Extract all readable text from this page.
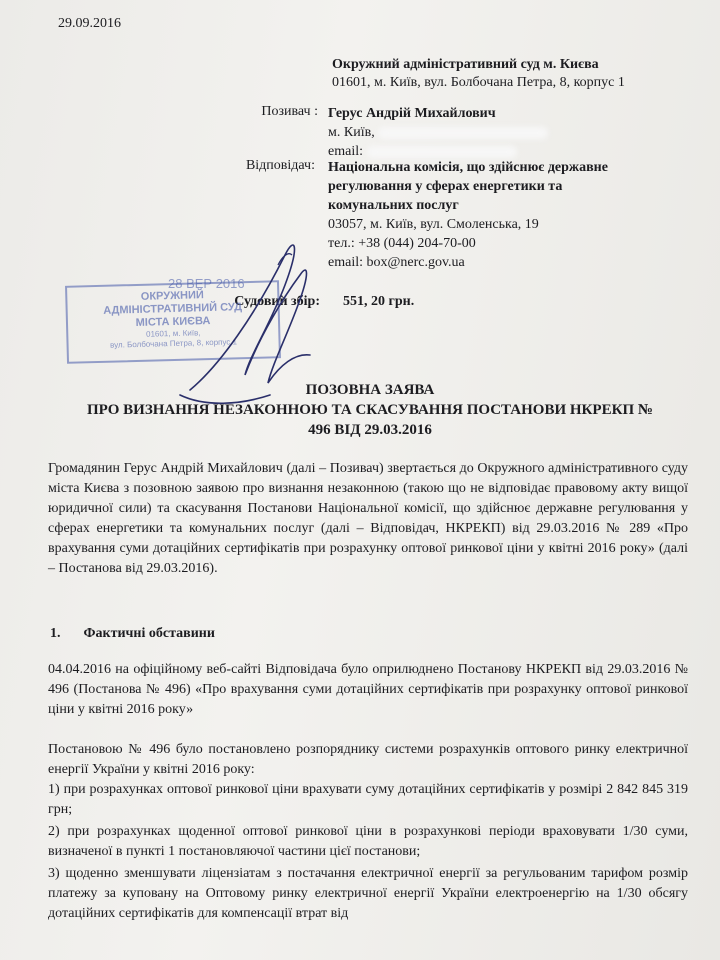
29.09.2016
Окружний адміністративний суд м. Києва
01601, м. Київ, вул. Болбочана Петра, 8, корпус 1
Позивач : Герус Андрій Михайлович
м. Київ,
email:
Відповідач: Національна комісія, що здійснює державне
регулювання у сферах енергетики та
комунальних послуг
03057, м. Київ, вул. Смоленська, 19
тел.: +38 (044) 204-70-00
email: box@nerc.gov.ua
Судовий збір: 551, 20 грн.
ОКРУЖНИЙ
АДМІНІСТРАТИВНИЙ СУД
МІСТА КИЄВА
01601, м. Київ,
вул. Болбочана Петра, 8, корпус 1
28 ВЕР 2016
ПОЗОВНА ЗАЯВА
ПРО ВИЗНАННЯ НЕЗАКОННОЮ ТА СКАСУВАННЯ ПОСТАНОВИ НКРЕКП №
496 ВІД 29.03.2016
Громадянин Герус Андрій Михайлович (далі – Позивач) звертається до Окружного адміністративного суду міста Києва з позовною заявою про визнання незаконною (такою що не відповідає правовому акту вищої юридичної сили) та скасування Постанови Національної комісії, що здійснює державне регулювання у сферах енергетики та комунальних послуг (далі – Відповідач, НКРЕКП) від 29.03.2016 № 289 «Про врахування суми дотаційних сертифікатів при розрахунку оптової ринкової ціни у квітні 2016 року» (далі – Постанова від 29.03.2016).
1. Фактичні обставини
04.04.2016 на офіційному веб-сайті Відповідача було оприлюднено Постанову НКРЕКП від 29.03.2016 № 496 (Постанова № 496) «Про врахування суми дотаційних сертифікатів при розрахунку оптової ринкової ціни у квітні 2016 року»
Постановою № 496 було постановлено розпоряднику системи розрахунків оптового ринку електричної енергії України у квітні 2016 року:
1) при розрахунках оптової ринкової ціни врахувати суму дотаційних сертифікатів у розмірі 2 842 845 319 грн;
2) при розрахунках щоденної оптової ринкової ціни в розрахункові періоди враховувати 1/30 суми, визначеної в пункті 1 постановляючої частини цієї постанови;
3) щоденно зменшувати ліцензіатам з постачання електричної енергії за регульованим тарифом розмір платежу за куповану на Оптовому ринку електричної енергії України електроенергію на 1/30 обсягу дотаційних сертифікатів для компенсації втрат від
